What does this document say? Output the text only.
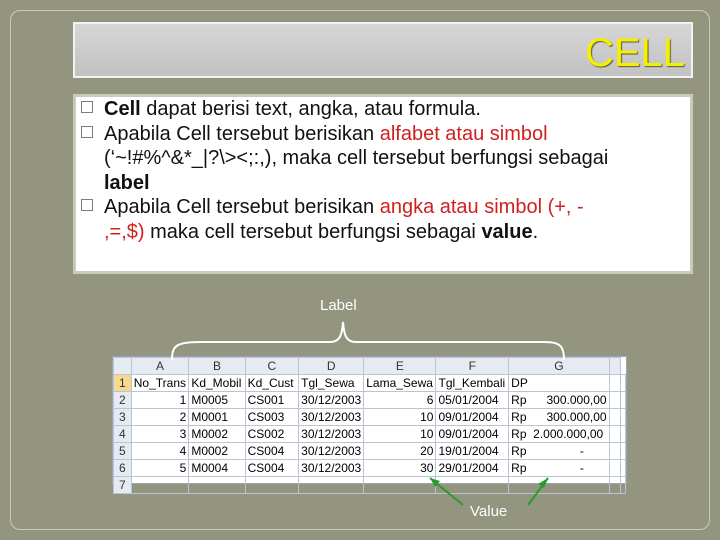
CELL
Cell dapat berisi text, angka, atau formula.
Apabila Cell tersebut berisikan alfabet atau simbol
(‘~!#%^&*_|?\><;:,), maka cell tersebut berfungsi sebagai
label
Apabila Cell tersebut berisikan angka atau simbol (+, -
,=,$) maka cell tersebut berfungsi sebagai value.
Label
	A	B	C	D	E	F	G		
1	No_Trans	Kd_Mobil	Kd_Cust	Tgl_Sewa	Lama_Sewa	Tgl_Kembali	DP		
2	1	M0005	CS001	30/12/2003	6	05/01/2004	Rp      300.000,00		
3	2	M0001	CS003	30/12/2003	10	09/01/2004	Rp      300.000,00		
4	3	M0002	CS002	30/12/2003	10	09/01/2004	Rp  2.000.000,00		
5	4	M0002	CS004	30/12/2003	20	19/01/2004	Rp                -		
6	5	M0004	CS004	30/12/2003	30	29/01/2004	Rp                -		
7									
Value
